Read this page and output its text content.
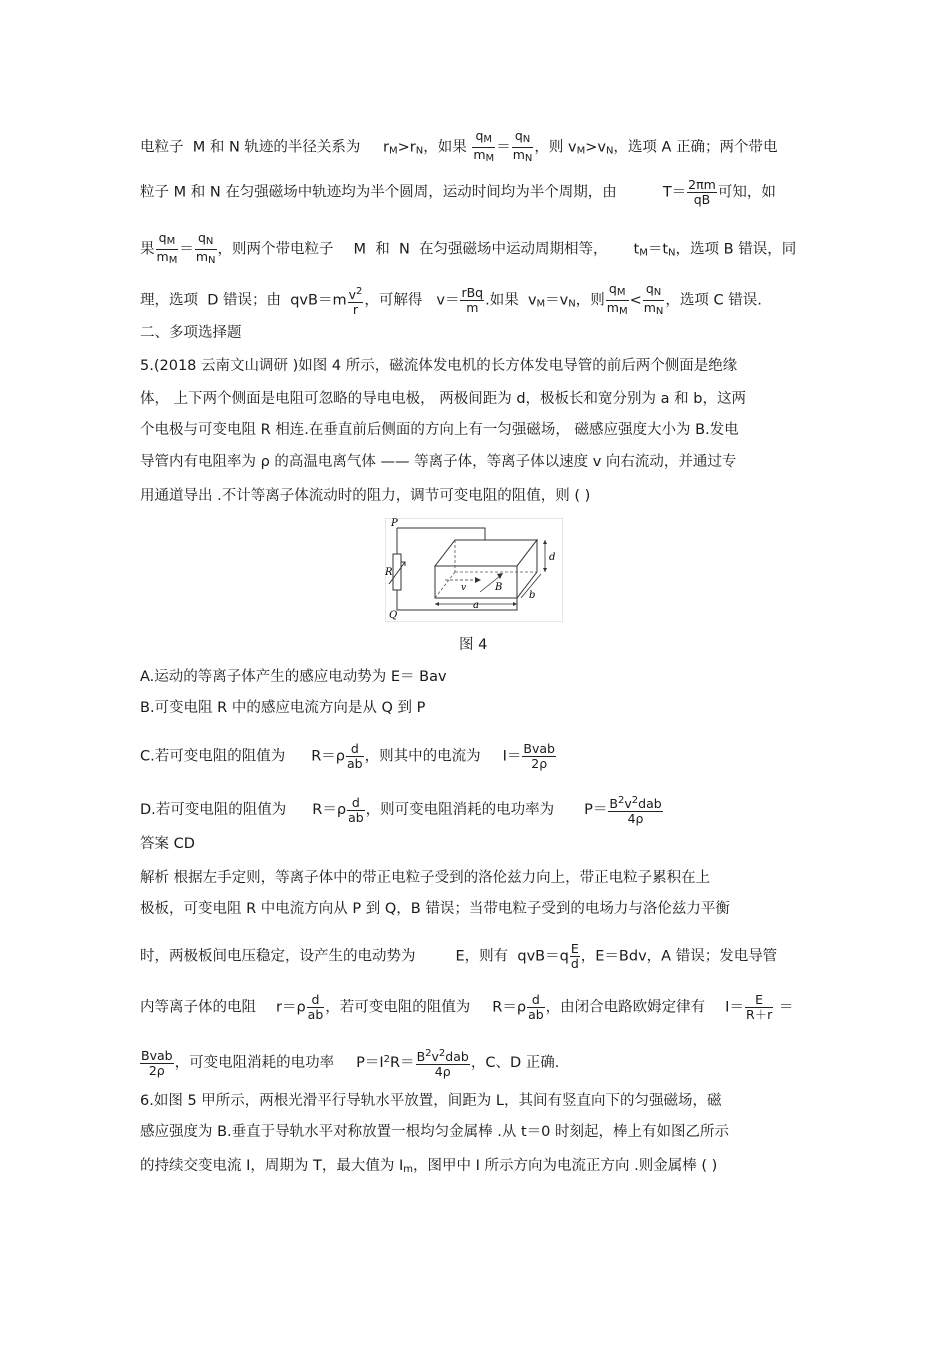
电粒子 M 和 N 轨迹的半径关系为 $r_M>r_N$，如果 $\frac{q_M}{m_M} = \frac{q_N}{m_N}$ ，则 $v_M>v_N$，选项 A 正确；两个带电
粒子 M 和 N 在匀强磁场中轨迹均为半个圆周，运动时间均为半个周期，由	$T= \frac{2\pi m}{qB}$ 可知，如
果 $\frac{q_M}{m_M} = \frac{q_N}{m_N}$ ，则两个带电粒子 M 和 N 在匀强磁场中运动周期相等， $t_M=t_N$，选项 B 错误，同
理，选项 D 错误；由 $qvB=m \frac{v^2}{r}$ ，可解得 v＝ rBq
m .如果 $v_M=v_N$，则 $\frac{q_M}{m_M} < \frac{q_N}{m_N}$ ，选项 C 错误.
二、多项选择题
5.(2018 云南文山调研 )如图 4 所示，磁流体发电机的长方体发电导管的前后两个侧面是绝缘
体， 上下两个侧面是电阻可忽略的导电电极， 两极间距为 d，极板长和宽分别为 a 和 b，这两
个电极与可变电阻 R 相连.在垂直前后侧面的方向上有一匀强磁场， 磁感应强度大小为 B.发电
导管内有电阻率为 ρ 的高温电离气体 —— 等离子体，等离子体以速度 v 向右流动，并通过专
用通道导出 .不计等离子体流动时的阻力，调节可变电阻的阻值，则 ( )
P
Q
R
v	B
a
b
d
图 4
A.运动的等离子体产生的感应电动势为 E＝ Bav
B.可变电阻 R 中的感应电流方向是从 Q 到 P
C.若可变电阻的阻值为 $R=\rho \frac{d}{ab}$ ，则其中的电流为 I＝ Bvab
2ρ
D.若可变电阻的阻值为 $R=\rho \frac{d}{ab}$ ，则可变电阻消耗的电功率为 $P= B^2v^2dab$
4ρ
答案 CD
解析 根据左手定则，等离子体中的带正电粒子受到的洛伦兹力向上，带正电粒子累积在上
极板，可变电阻 R 中电流方向从 P 到 Q，B 错误；当带电粒子受到的电场力与洛伦兹力平衡
时，两极板间电压稳定，设产生的电动势为	E，则有 $qvB=q \frac{E}{d}$ ，E＝Bdv，A 错误；发电导管
内等离子体的电阻 $r=\rho \frac{d}{ab}$ ，若可变电阻的阻值为 $R=\rho \frac{d}{ab}$ ，由闭合电路欧姆定律有 $I= \frac{E}{R+r}$ ＝
Bvab
2ρ ，可变电阻消耗的电功率 $P=I^2R= B^2v^2dab$
4ρ
，C、D 正确.
6.如图 5 甲所示，两根光滑平行导轨水平放置，间距为 L，其间有竖直向下的匀强磁场，磁
感应强度为 B.垂直于导轨水平对称放置一根均匀金属棒 .从 t＝0 时刻起，棒上有如图乙所示
的持续交变电流 I，周期为 T，最大值为 $I_m$，图甲中 I 所示方向为电流正方向 .则金属棒 ( )
